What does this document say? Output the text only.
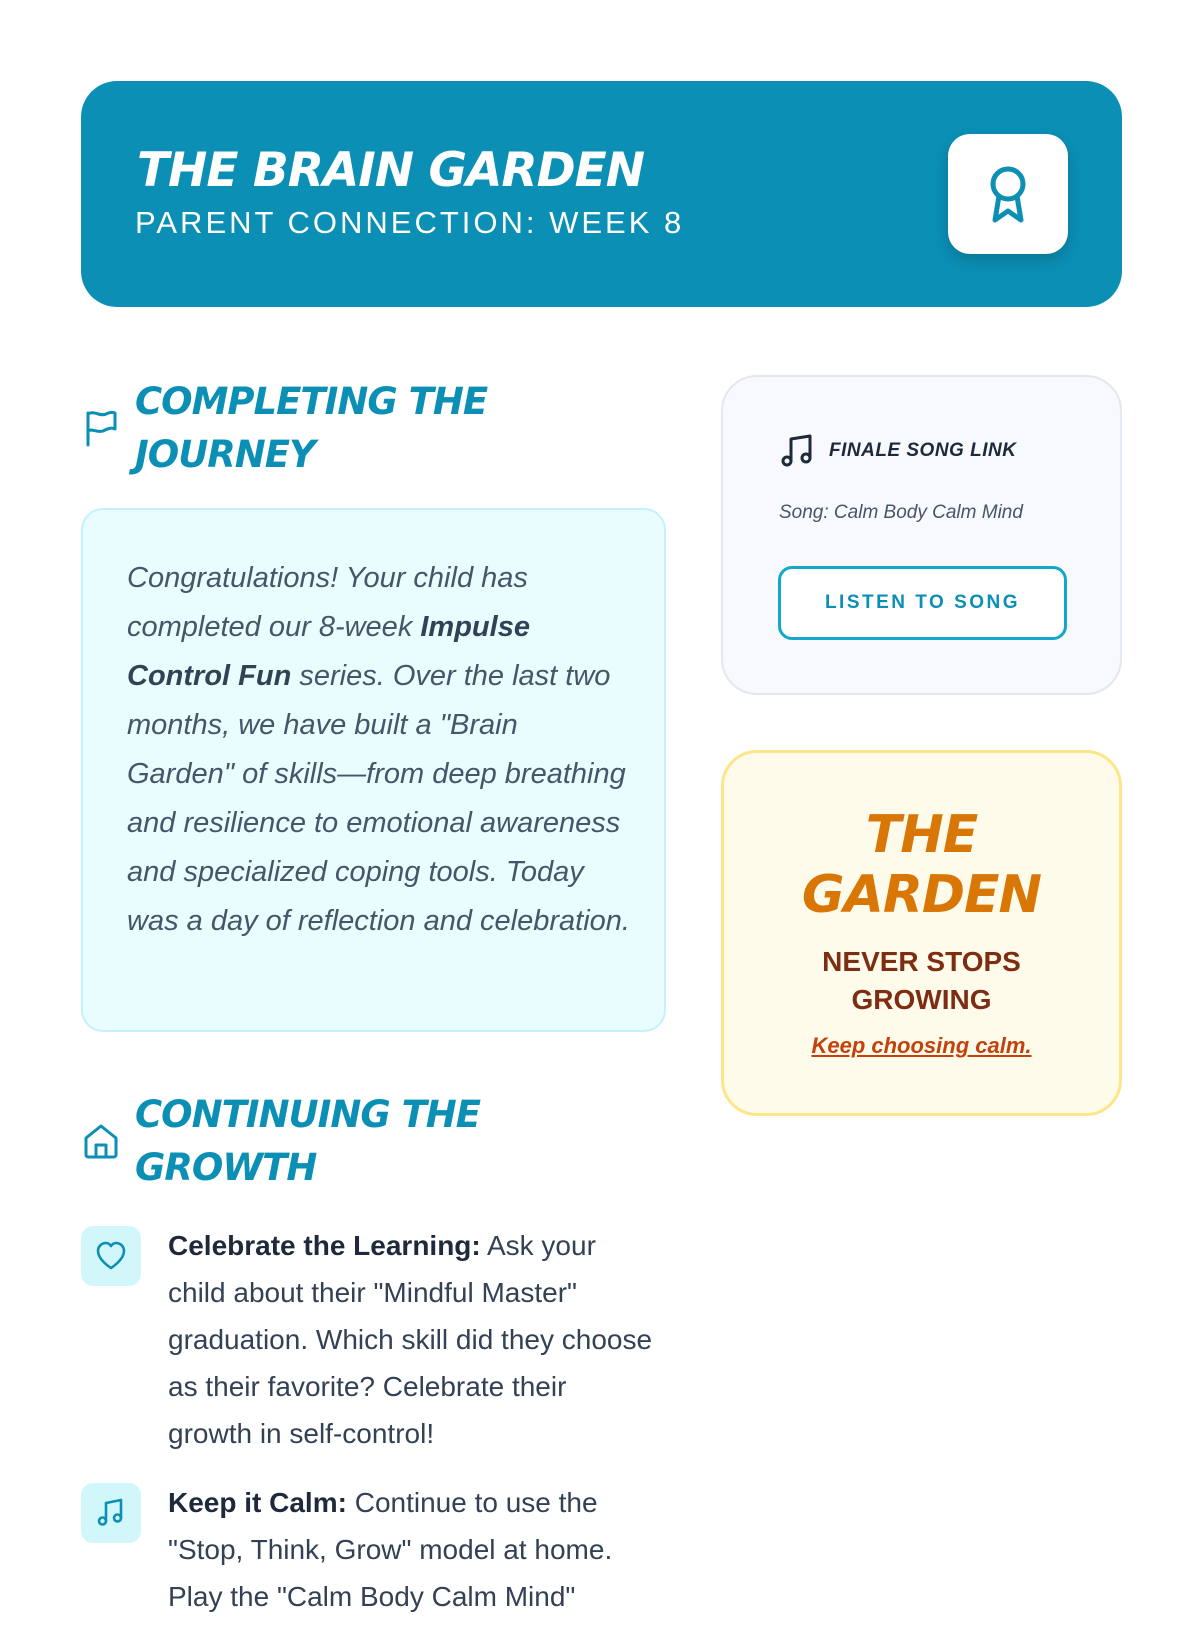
THE BRAIN GARDEN

PARENT CONNECTION: WEEK 8

COMPLETING THE JOURNEY

Congratulations! Your child has completed our 8-week Impulse Control Fun series. Over the last two months, we have built a "Brain Garden" of skills—from deep breathing and resilience to emotional awareness and specialized coping tools. Today was a day of reflection and celebration.

CONTINUING THE GROWTH

Celebrate the Learning: Ask your child about their "Mindful Master" graduation. Which skill did they choose as their favorite? Celebrate their growth in self-control!

Keep it Calm: Continue to use the "Stop, Think, Grow" model at home. Play the "Calm Body Calm Mind"

FINALE SONG LINK

Song: Calm Body Calm Mind

LISTEN TO SONG

THE

GARDEN

NEVER STOPS GROWING

Keep choosing calm.
